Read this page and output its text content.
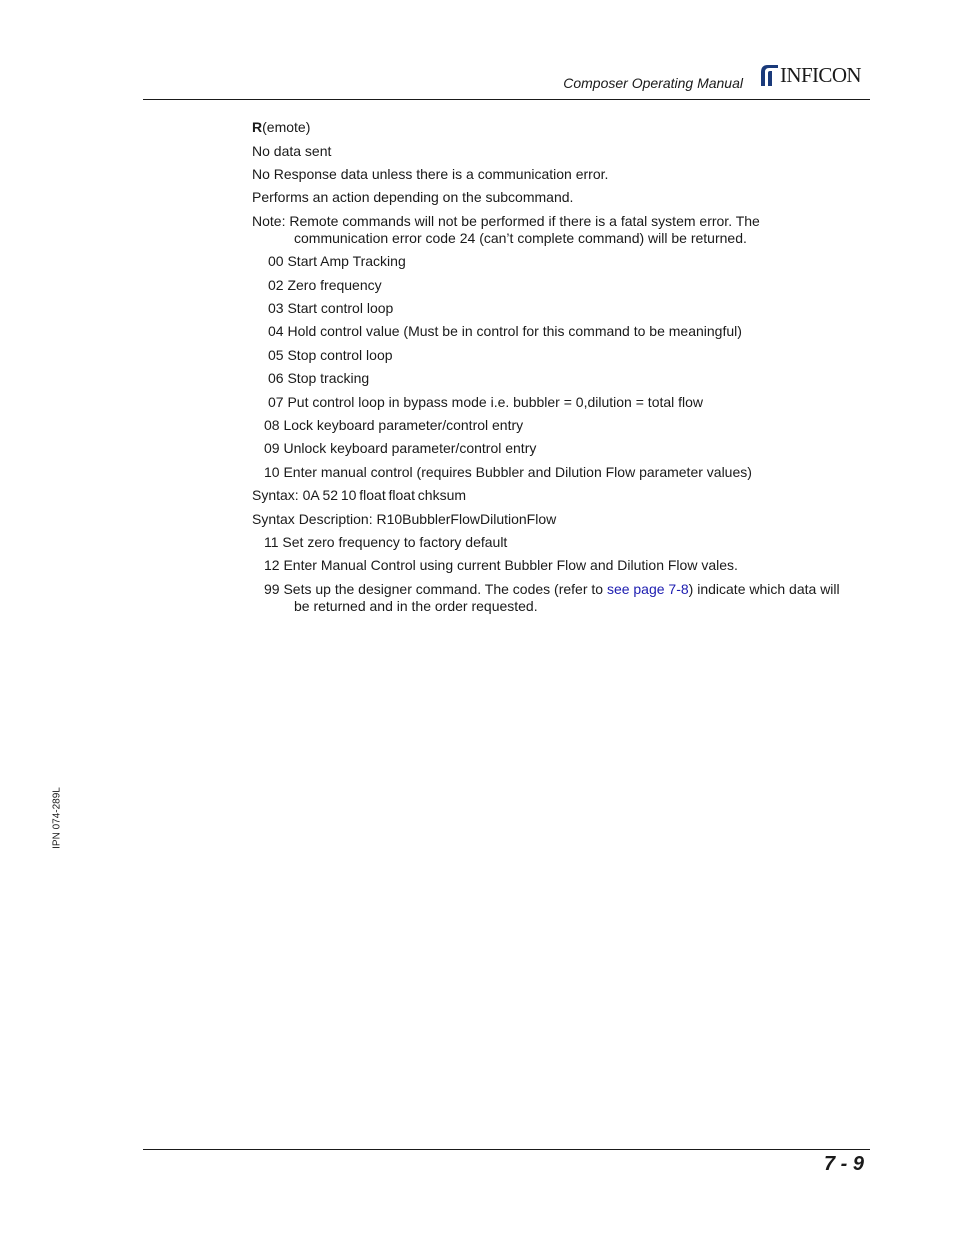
Composer Operating Manual INFICON
R(emote)
No data sent
No Response data unless there is a communication error.
Performs an action depending on the subcommand.
Note: Remote commands will not be performed if there is a fatal system error. The
communication error code 24 (can’t complete command) will be returned.
00 Start Amp Tracking
02 Zero frequency
03 Start control loop
04 Hold control value (Must be in control for this command to be meaningful)
05 Stop control loop
06 Stop tracking
07 Put control loop in bypass mode i.e. bubbler = 0,dilution = total flow
08 Lock keyboard parameter/control entry
09 Unlock keyboard parameter/control entry
10 Enter manual control (requires Bubbler and Dilution Flow parameter values)
Syntax: 0A 52 10 float float chksum
Syntax Description: R10BubblerFlowDilutionFlow
11 Set zero frequency to factory default
12 Enter Manual Control using current Bubbler Flow and Dilution Flow vales.
99 Sets up the designer command. The codes (refer to see page 7-8) indicate which data will
be returned and in the order requested.
IPN 074-289L
7 - 9
